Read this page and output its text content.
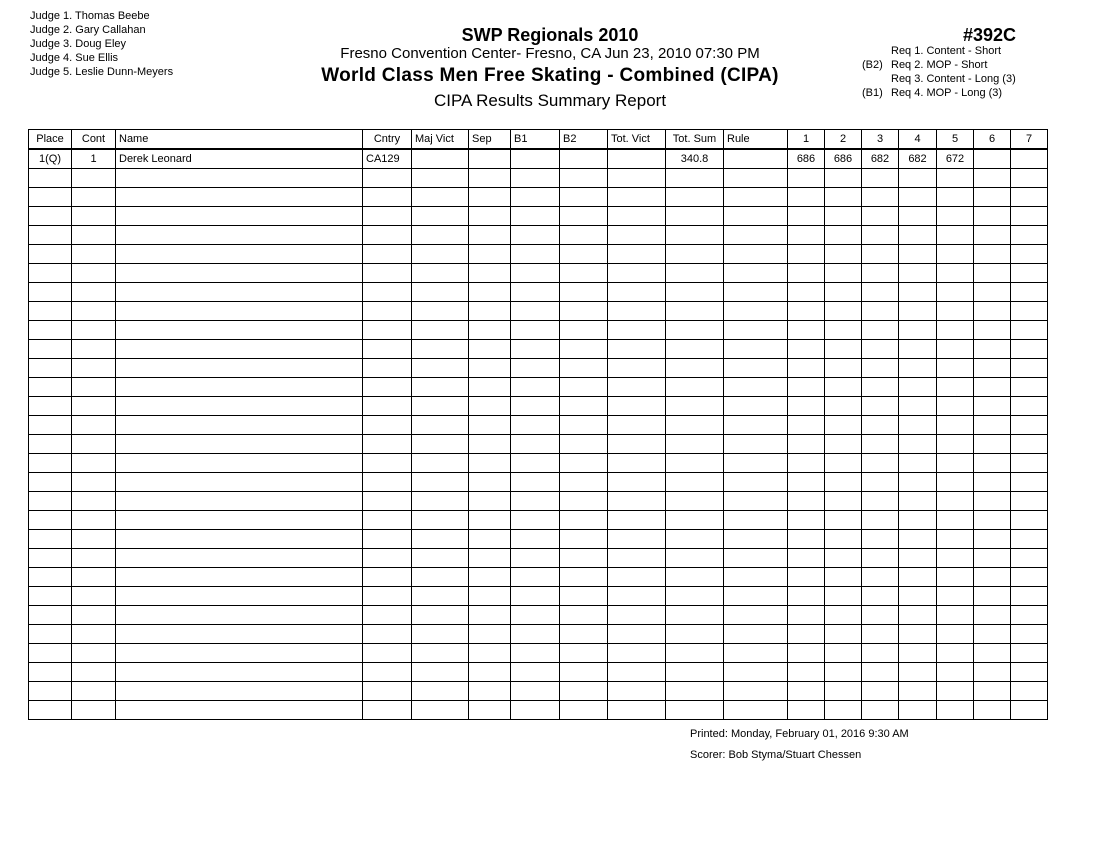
Judge 1. Thomas Beebe
Judge 2. Gary Callahan
Judge 3. Doug Eley
Judge 4. Sue Ellis
Judge 5. Leslie Dunn-Meyers
SWP Regionals 2010
Fresno Convention Center- Fresno, CA Jun 23, 2010 07:30 PM
World Class Men Free Skating - Combined (CIPA)
CIPA Results Summary Report
#392C
Req 1. Content - Short
(B2) Req 2. MOP - Short
Req 3. Content - Long (3)
(B1) Req 4. MOP - Long (3)
Place	Cont	Name	Cntry	Maj Vict	Sep	B1	B2	Tot. Vict	Tot. Sum	Rule	1	2	3	4	5	6	7
1(Q)	1	Derek Leonard	CA129						340.8		686	686	682	682	672		

Printed: Monday, February 01, 2016 9:30 AM
Scorer: Bob Styma/Stuart Chessen
